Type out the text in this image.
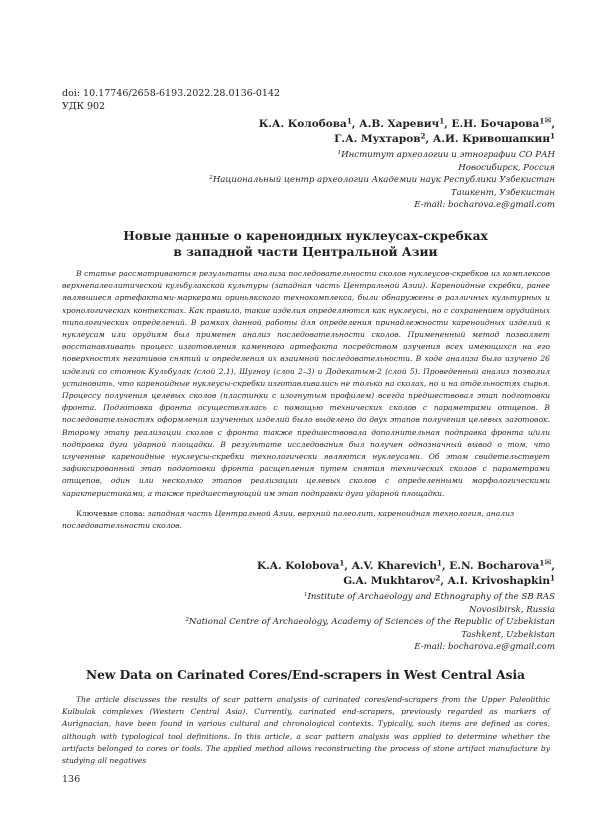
doi: 10.17746/2658-6193.2022.28.0136-0142
УДК 902
К.А. Колобова$^1$, А.В. Харевич$^1$, Е.Н. Бочарова$^{1✉}$,
Г.А. Мухтаров$^2$, А.И. Кривошапкин$^1$
$^1$Институт археологии и этнографии СО РАН
Новосибирск, Россия
$^2$Национальный центр археологии Академии наук Республики Узбекистан
Ташкент, Узбекистан
E-mail: bocharova.e@gmail.com
Новые данные о кареноидных нуклеусах-скребках
в западной части Центральной Азии

В статье рассматриваются результаты анализа последовательности сколов нуклеусов-скребков из комплексов верхнепалеолитической кульбулакской культуры (западная часть Центральной Азии). Кареноидные скребки, ранее являвшиеся артефактами-маркерами ориньякского технокомплекса, были обнаружены в различных культурных и хронологических контекстах. Как правило, такие изделия определяются как нуклеусы, но с сохранением орудийных типологических определений. В рамках данной работы для определения принадлежности кареноидных изделий к нуклеусам или орудиям был применен анализ последовательности сколов. Примененный метод позволяет восстанавливать процесс изготовления каменного артефакта посредством изучения всех имеющихся на его поверхностях негативов снятий и определения их взаимной последовательности. В ходе анализа было изучено 26 изделий со стоянок Кульбулак (слой 2.1), Шугноу (слои 2–3) и Додекатым-2 (слой 5). Проведенный анализ позволил установить, что кареноидные нуклеусы-скребки изготавливались не только на сколах, но и на отдельностях сырья. Процессу получения целевых сколов (пластинки с изогнутым профилем) всегда предшествовал этап подготовки фронта. Подготовка фронта осуществлялась с помощью технических сколов с параметрами отщепов. В последовательностях оформления изученных изделий было выделено до двух этапов получения целевых заготовок. Второму этапу реализации сколов с фронта также предшествовала дополнительная подправка фронта и/или подправка дуги ударной площадки. В результате исследования был получен однозначный вывод о том, что изученные кареноидные нуклеусы-скребки технологически являются нуклеусами. Об этом свидетельствует зафиксированный этап подготовки фронта расщепления путем снятия технических сколов с параметрами отщепов, один или несколько этапов реализации целевых сколов с определенными морфологическими характеристиками, а также предшествующий им этап подправки дуги ударной площадки.

Ключевые слова: западная часть Центральной Азии, верхний палеолит, кареноидная технология, анализ последовательности сколов.
K.A. Kolobova$^1$, A.V. Kharevich$^1$, E.N. Bocharova$^{1✉}$,
G.A. Mukhtarov$^2$, A.I. Krivoshapkin$^1$
$^1$Institute of Archaeology and Ethnography of the SB RAS
Novosibirsk, Russia
$^2$National Centre of Archaeology, Academy of Sciences of the Republic of Uzbekistan
Tashkent, Uzbekistan
E-mail: bocharova.e@gmail.com
New Data on Carinated Cores/End-scrapers in West Central Asia

The article discusses the results of scar pattern analysis of carinated cores/end-scrapers from the Upper Paleolithic Kulbulak complexes (Western Central Asia). Currently, carinated end-scrapers, previously regarded as markers of Aurignacian, have been found in various cultural and chronological contexts. Typically, such items are defined as cores, although with typological tool definitions. In this article, a scar pattern analysis was applied to determine whether the artifacts belonged to cores or tools. The applied method allows reconstructing the process of stone artifact manufacture by studying all negatives

136
